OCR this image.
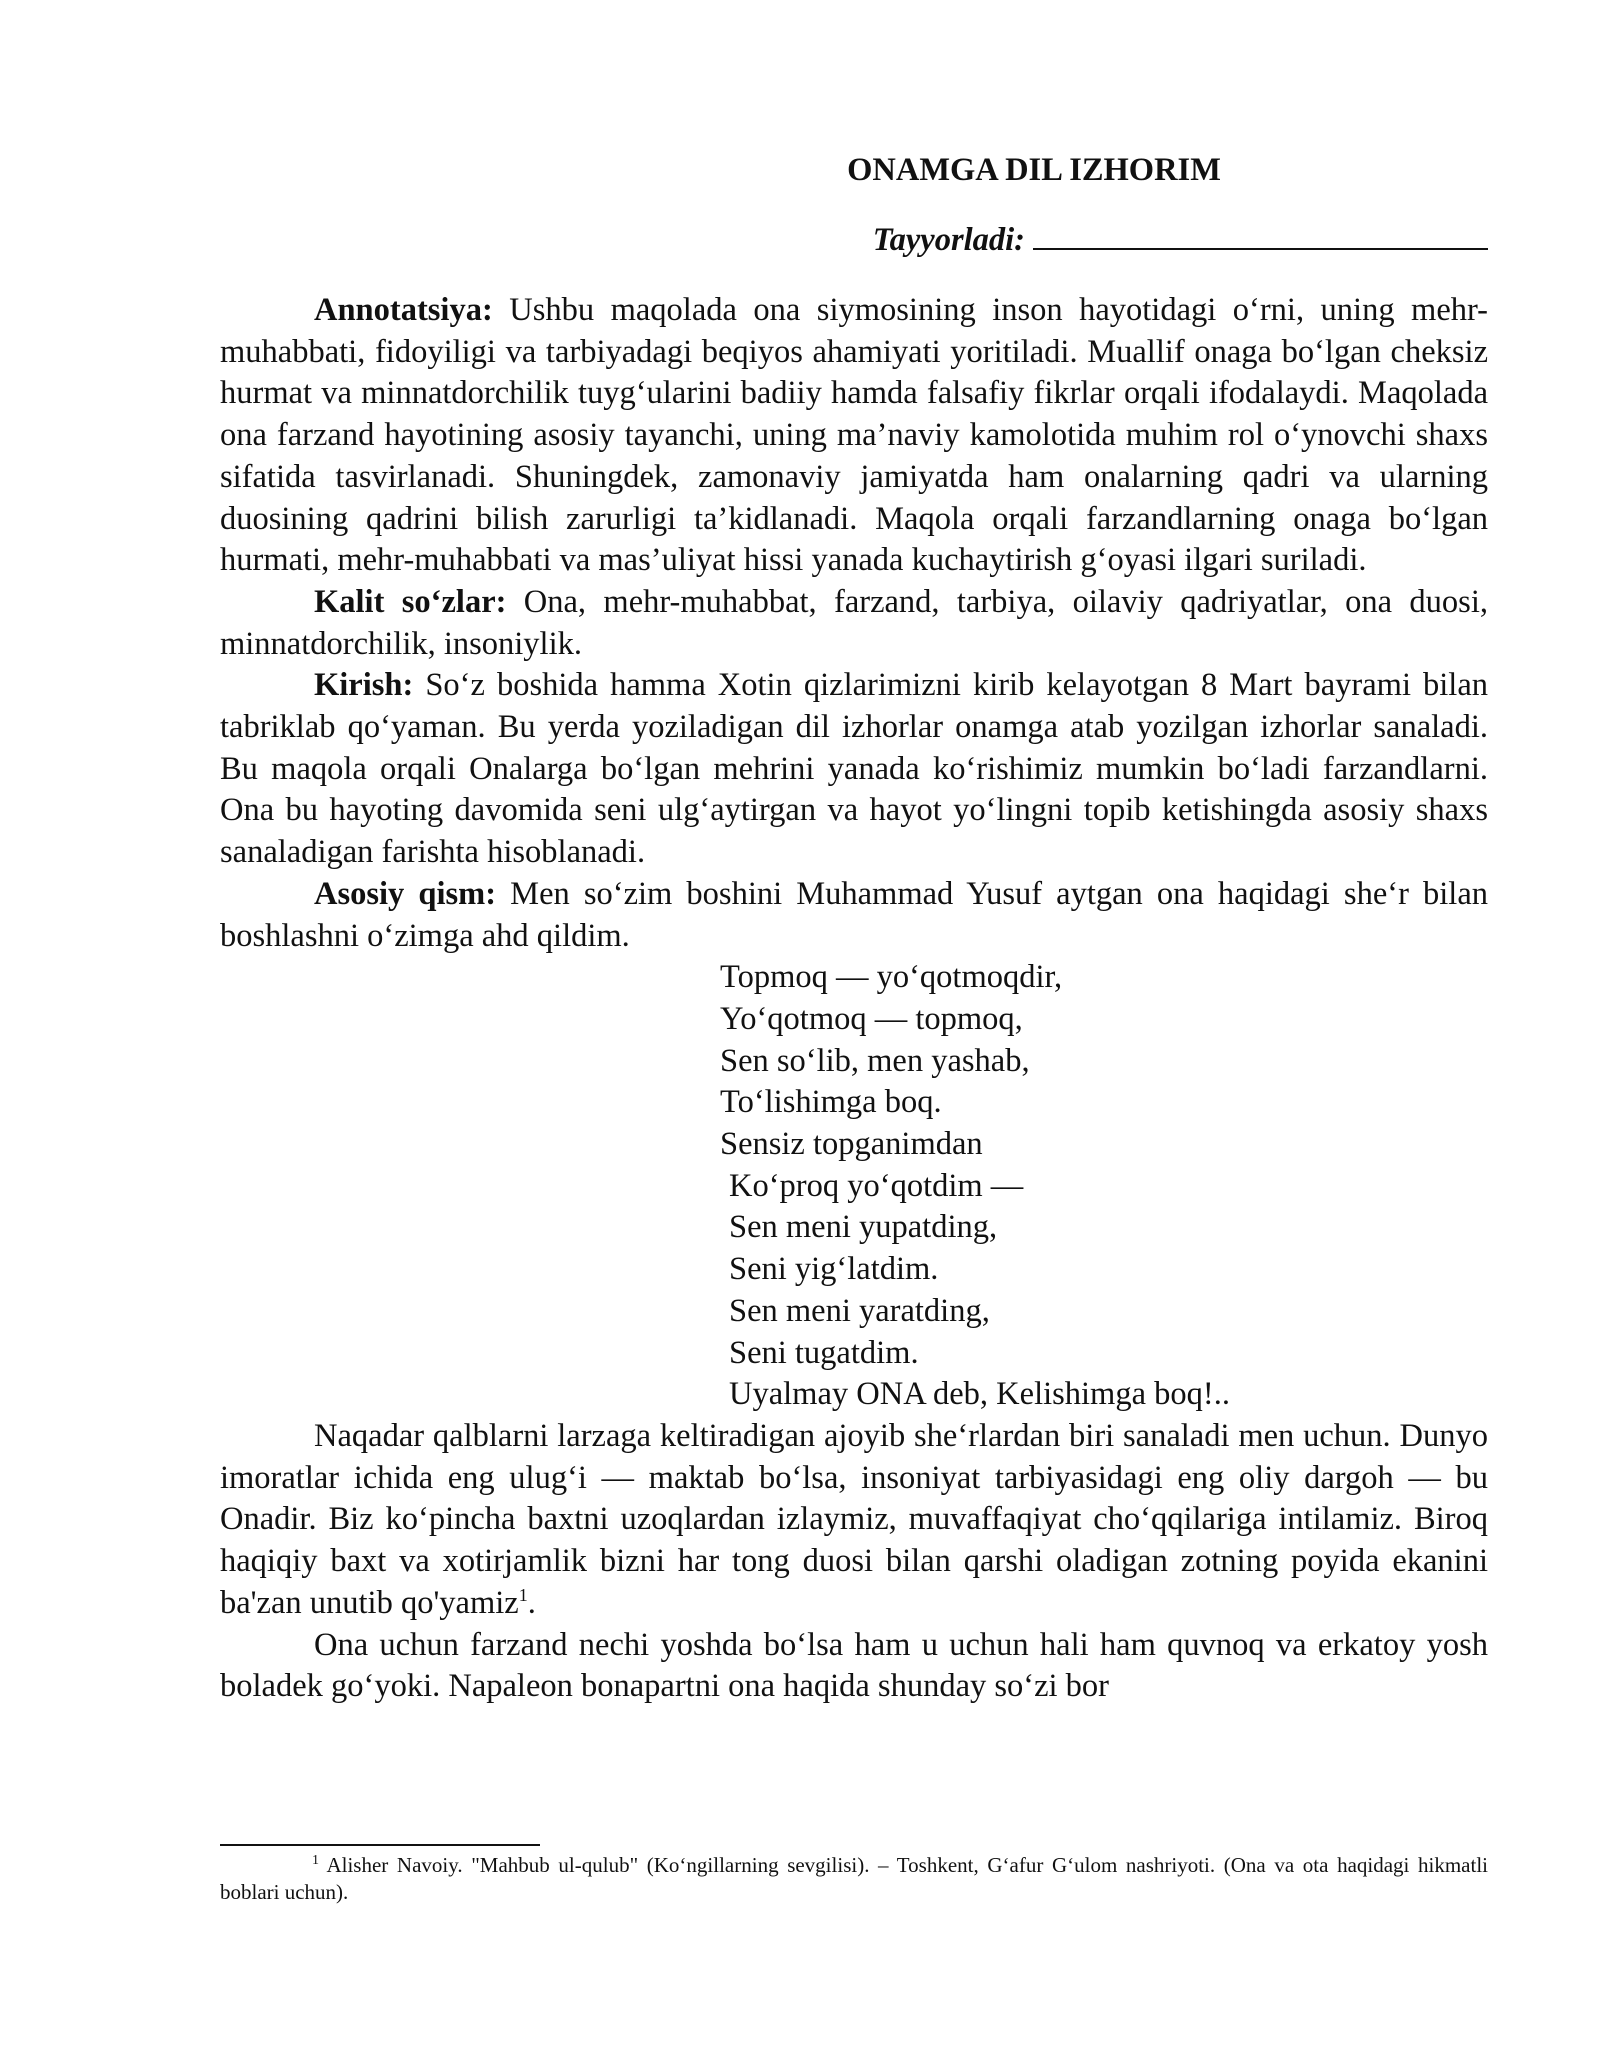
ONAMGA DIL IZHORIM
Tayyorladi:

Annotatsiya: Ushbu maqolada ona siymosining inson hayotidagi o‘rni, uning mehr-muhabbati, fidoyiligi va tarbiyadagi beqiyos ahamiyati yoritiladi. Muallif onaga bo‘lgan cheksiz hurmat va minnatdorchilik tuyg‘ularini badiiy hamda falsafiy fikrlar orqali ifodalaydi. Maqolada ona farzand hayotining asosiy tayanchi, uning ma’naviy kamolotida muhim rol o‘ynovchi shaxs sifatida tasvirlanadi. Shuningdek, zamonaviy jamiyatda ham onalarning qadri va ularning duosining qadrini bilish zarurligi ta’kidlanadi. Maqola orqali farzandlarning onaga bo‘lgan hurmati, mehr-muhabbati va mas’uliyat hissi yanada kuchaytirish g‘oyasi ilgari suriladi.

Kalit so‘zlar: Ona, mehr-muhabbat, farzand, tarbiya, oilaviy qadriyatlar, ona duosi, minnatdorchilik, insoniylik.

Kirish: So‘z boshida hamma Xotin qizlarimizni kirib kelayotgan 8 Mart bayrami bilan tabriklab qo‘yaman. Bu yerda yoziladigan dil izhorlar onamga atab yozilgan izhorlar sanaladi. Bu maqola orqali Onalarga bo‘lgan mehrini yanada ko‘rishimiz mumkin bo‘ladi farzandlarni. Ona bu hayoting davomida seni ulg‘aytirgan va hayot yo‘lingni topib ketishingda asosiy shaxs sanaladigan farishta hisoblanadi.

Asosiy qism: Men so‘zim boshini Muhammad Yusuf aytgan ona haqidagi she‘r bilan boshlashni o‘zimga ahd qildim.

Topmoq — yo‘qotmoqdir,
Yo‘qotmoq — topmoq,
Sen so‘lib, men yashab,
To‘lishimga boq.
Sensiz topganimdan
Ko‘proq yo‘qotdim —
Sen meni yupatding,
Seni yig‘latdim.
Sen meni yaratding,
Seni tugatdim.
Uyalmay ONA deb, Kelishimga boq!..

Naqadar qalblarni larzaga keltiradigan ajoyib she‘rlardan biri sanaladi men uchun. Dunyo imoratlar ichida eng ulug‘i — maktab bo‘lsa, insoniyat tarbiyasidagi eng oliy dargoh — bu Onadir. Biz ko‘pincha baxtni uzoqlardan izlaymiz, muvaffaqiyat cho‘qqilariga intilamiz. Biroq haqiqiy baxt va xotirjamlik bizni har tong duosi bilan qarshi oladigan zotning poyida ekanini ba'zan unutib qo'yamiz$^1$.

Ona uchun farzand nechi yoshda bo‘lsa ham u uchun hali ham quvnoq va erkatoy yosh boladek go‘yoki. Napaleon bonapartni ona haqida shunday so‘zi bor

$^1$ Alisher Navoiy. "Mahbub ul-qulub" (Ko‘ngillarning sevgilisi). – Toshkent, G‘afur G‘ulom nashriyoti. (Ona va ota haqidagi hikmatli boblari uchun).
